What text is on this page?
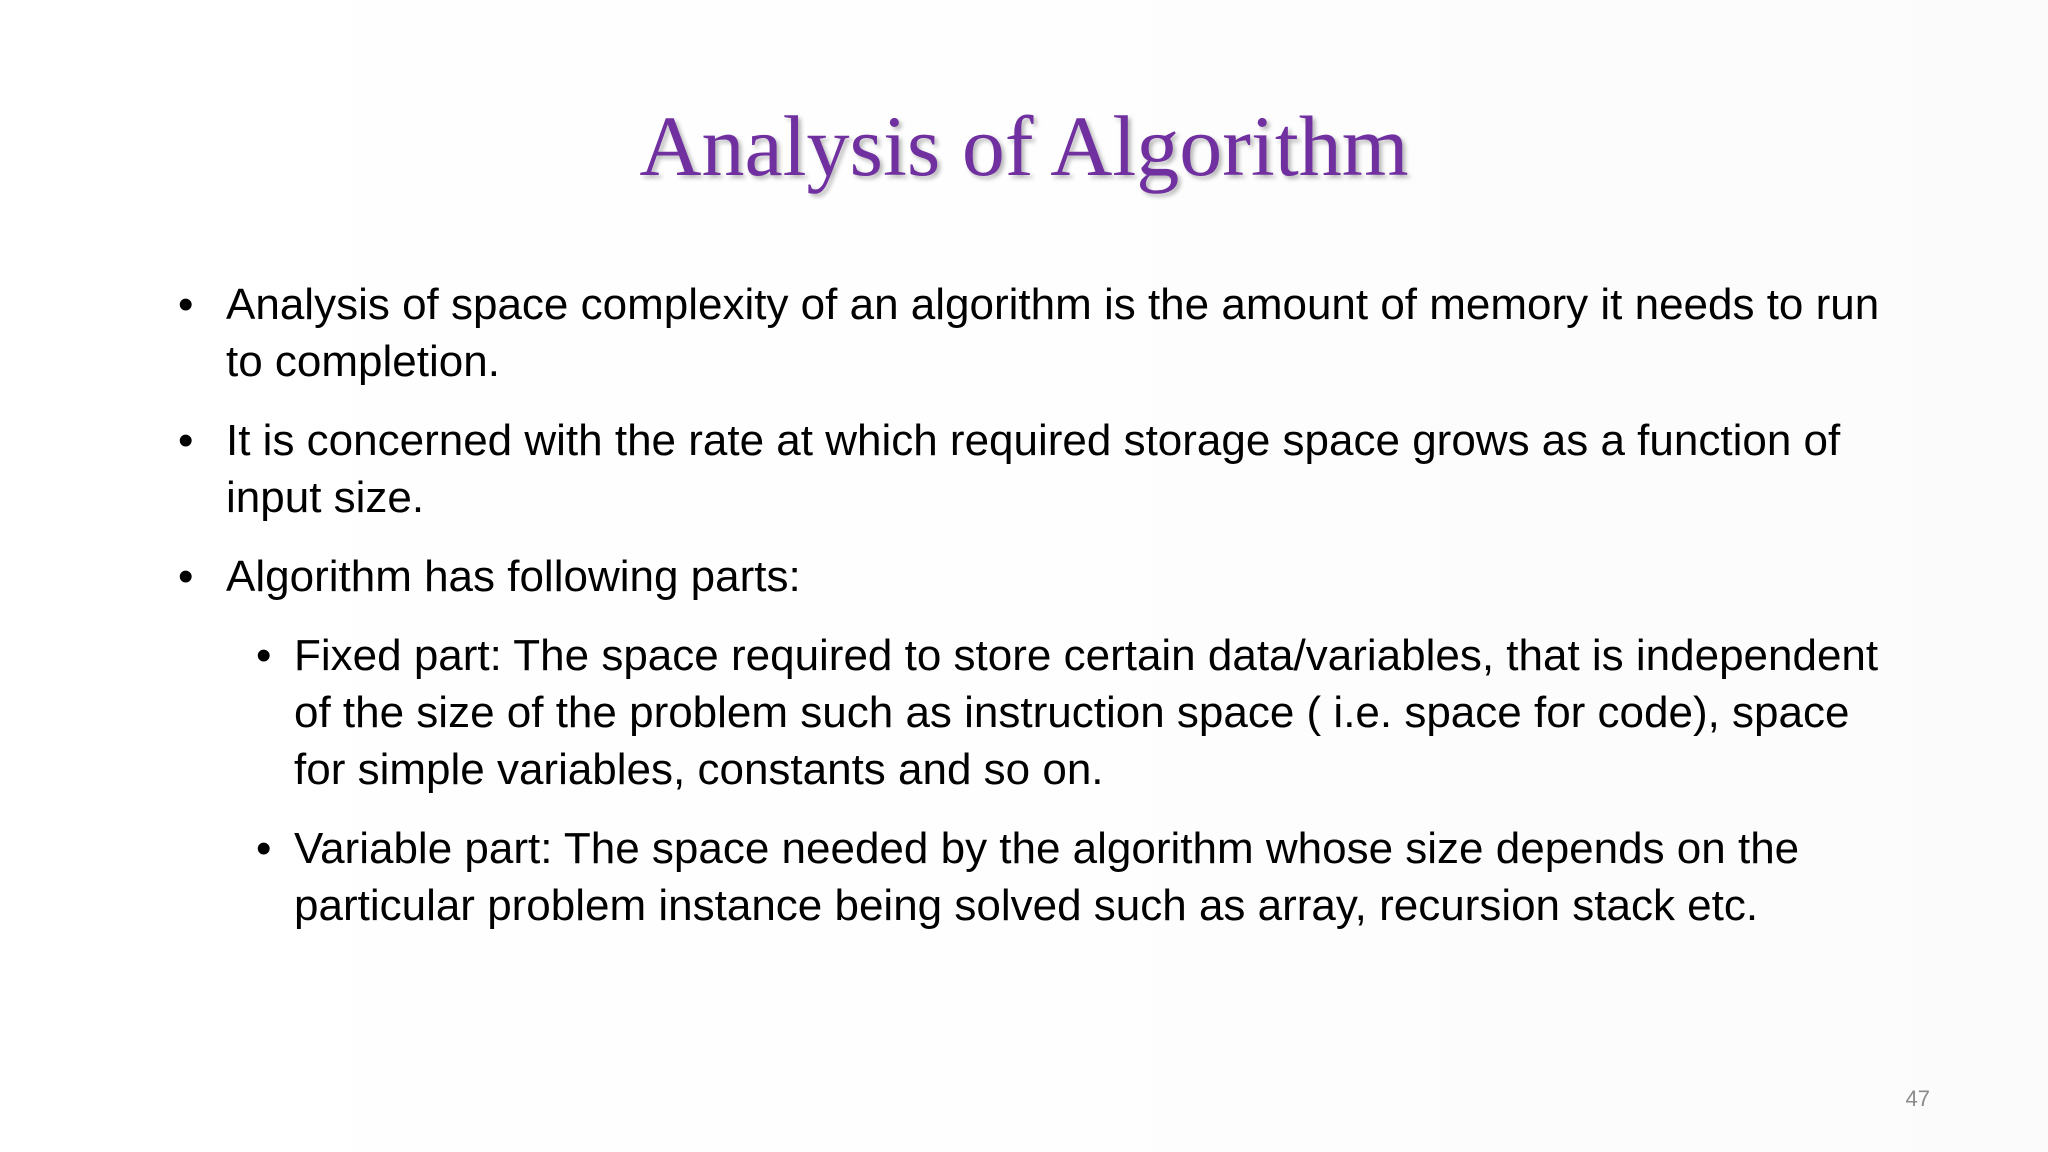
Analysis of Algorithm
• Analysis of space complexity of an algorithm is the amount of memory it needs to run to completion.
• It is concerned with the rate at which required storage space grows as a function of input size.
• Algorithm has following parts:
• Fixed part: The space required to store certain data/variables, that is independent of the size of the problem such as instruction space ( i.e. space for code), space for simple variables, constants and so on.
• Variable part: The space needed by the algorithm whose size depends on the particular problem instance being solved such as array, recursion stack etc.
47
